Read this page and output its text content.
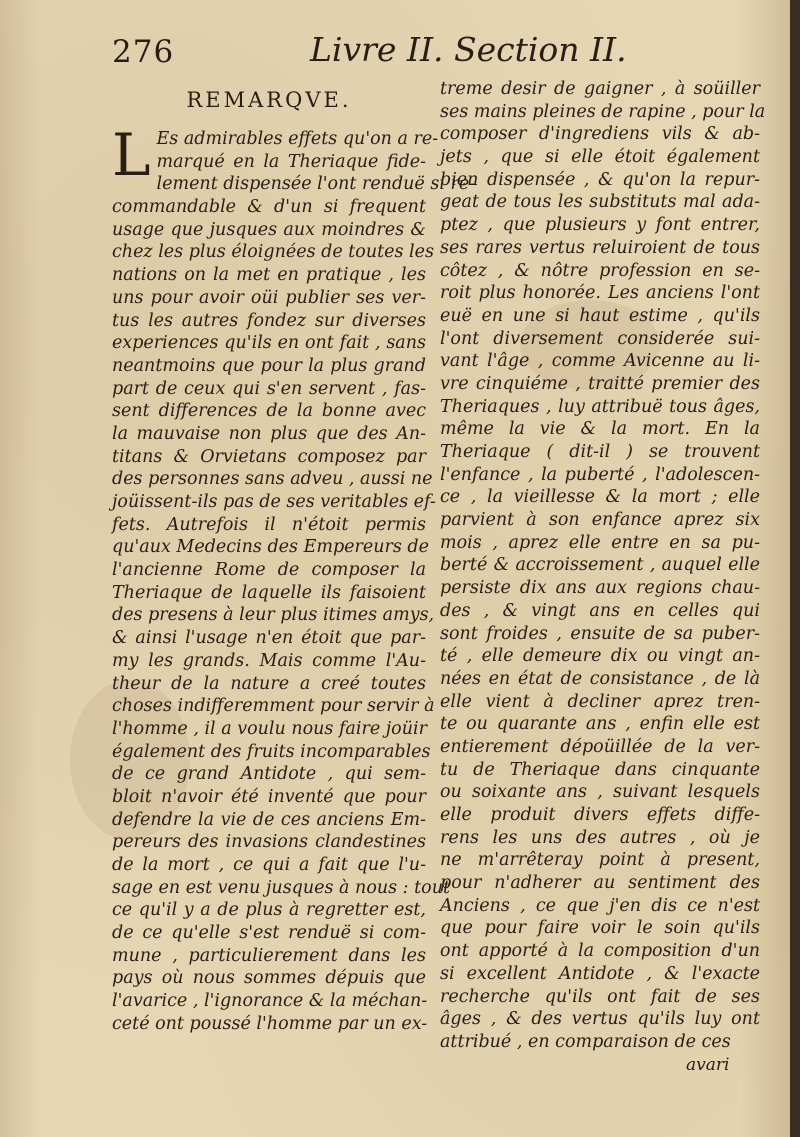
276	Livre II. Section II.
REMARQVE.
L Es admirables effets qu'on a re-
marqué en la Theriaque fide-
lement dispensée l'ont renduë si re-
commandable & d'un si frequent
usage que jusques aux moindres &
chez les plus éloignées de toutes les
nations on la met en pratique , les
uns pour avoir oüi publier ses ver-
tus les autres fondez sur diverses
experiences qu'ils en ont fait , sans
neantmoins que pour la plus grand
part de ceux qui s'en servent , fas-
sent differences de la bonne avec
la mauvaise non plus que des An-
titans & Orvietans composez par
des personnes sans adveu , aussi ne
joüissent-ils pas de ses veritables ef-
fets. Autrefois il n'étoit permis
qu'aux Medecins des Empereurs de
l'ancienne Rome de composer la
Theriaque de laquelle ils faisoient
des presens à leur plus itimes amys,
& ainsi l'usage n'en étoit que par-
my les grands. Mais comme l'Au-
theur de la nature a creé toutes
choses indifferemment pour servir à
l'homme , il a voulu nous faire joüir
également des fruits incomparables
de ce grand Antidote , qui sem-
bloit n'avoir été inventé que pour
defendre la vie de ces anciens Em-
pereurs des invasions clandestines
de la mort , ce qui a fait que l'u-
sage en est venu jusques à nous : tout
ce qu'il y a de plus à regretter est,
de ce qu'elle s'est renduë si com-
mune , particulierement dans les
pays où nous sommes dépuis que
l'avarice , l'ignorance & la méchan-
ceté ont poussé l'homme par un ex-
treme desir de gaigner , à soüiller
ses mains pleines de rapine , pour la
composer d'ingrediens vils & ab-
jets , que si elle étoit également
bien dispensée , & qu'on la repur-
geat de tous les substituts mal ada-
ptez , que plusieurs y font entrer,
ses rares vertus reluiroient de tous
côtez , & nôtre profession en se-
roit plus honorée. Les anciens l'ont
euë en une si haut estime , qu'ils
l'ont diversement considerée sui-
vant l'âge , comme Avicenne au li-
vre cinquiéme , traitté premier des
Theriaques , luy attribuë tous âges,
même la vie & la mort. En la
Theriaque ( dit-il ) se trouvent
l'enfance , la puberté , l'adolescen-
ce , la vieillesse & la mort ; elle
parvient à son enfance aprez six
mois , aprez elle entre en sa pu-
berté & accroissement , auquel elle
persiste dix ans aux regions chau-
des , & vingt ans en celles qui
sont froides , ensuite de sa puber-
té , elle demeure dix ou vingt an-
nées en état de consistance , de là
elle vient à decliner aprez tren-
te ou quarante ans , enfin elle est
entierement dépoüillée de la ver-
tu de Theriaque dans cinquante
ou soixante ans , suivant lesquels
elle produit divers effets diffe-
rens les uns des autres , où je
ne m'arrêteray point à present,
pour n'adherer au sentiment des
Anciens , ce que j'en dis ce n'est
que pour faire voir le soin qu'ils
ont apporté à la composition d'un
si excellent Antidote , & l'exacte
recherche qu'ils ont fait de ses
âges , & des vertus qu'ils luy ont
attribué , en comparaison de ces
avari
